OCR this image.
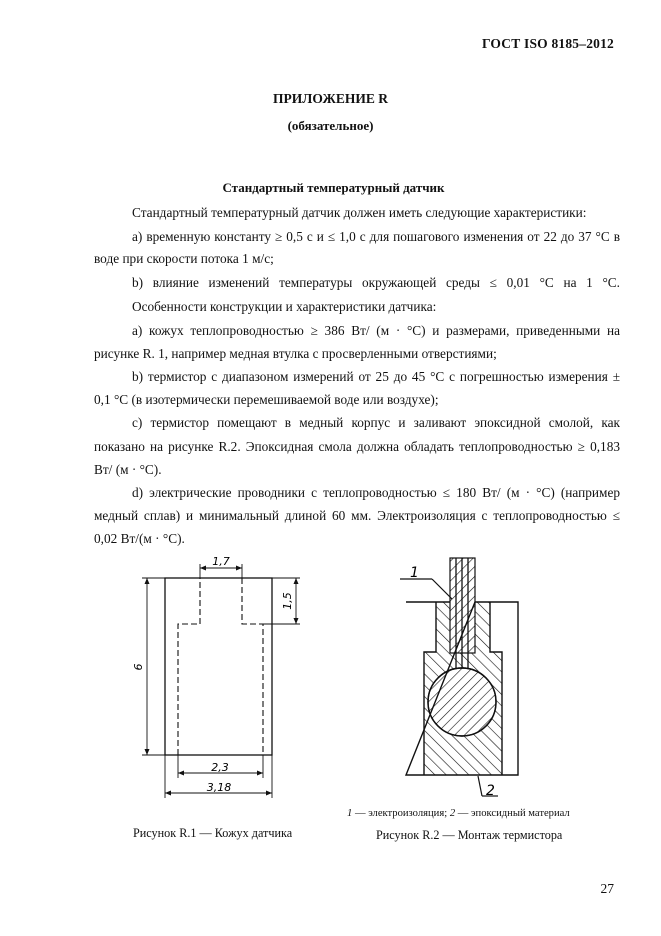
ГОСТ ISO 8185–2012
ПРИЛОЖЕНИЕ R
(обязательное)
Стандартный температурный датчик
Стандартный температурный датчик должен иметь следующие характеристики:
а) временную константу ≥ 0,5 с и ≤ 1,0 с для пошагового изменения от 22 до 37 °С в
воде при скорости потока 1 м/с;
b) влияние изменений температуры окружающей среды ≤ 0,01 °С на 1 °С.
Особенности конструкции и характеристики датчика:
а) кожух теплопроводностью ≥ 386 Вт/ (м · °С) и размерами, приведенными на
рисунке R. 1, например медная втулка с просверленными отверстиями;
b) термистор с диапазоном измерений от 25 до 45 °С с погрешностью измерения ±
0,1 °С (в изотермически перемешиваемой воде или воздухе);
с) термистор помещают в медный корпус и заливают эпоксидной смолой, как
показано на рисунке R.2. Эпоксидная смола должна обладать теплопроводностью ≥ 0,183
Вт/ (м · °С).
d) электрические проводники с теплопроводностью ≤ 180 Вт/ (м · °С) (например
медный сплав) и минимальный длиной 60 мм. Электроизоляция с теплопроводностью ≤
0,02 Вт/(м · °С).
1,7
1,5
6
2,3
3,18
1
2
1 — электроизоляция; 2 — эпоксидный материал
Рисунок R.1 — Кожух датчика	Рисунок R.2 — Монтаж термистора
27
